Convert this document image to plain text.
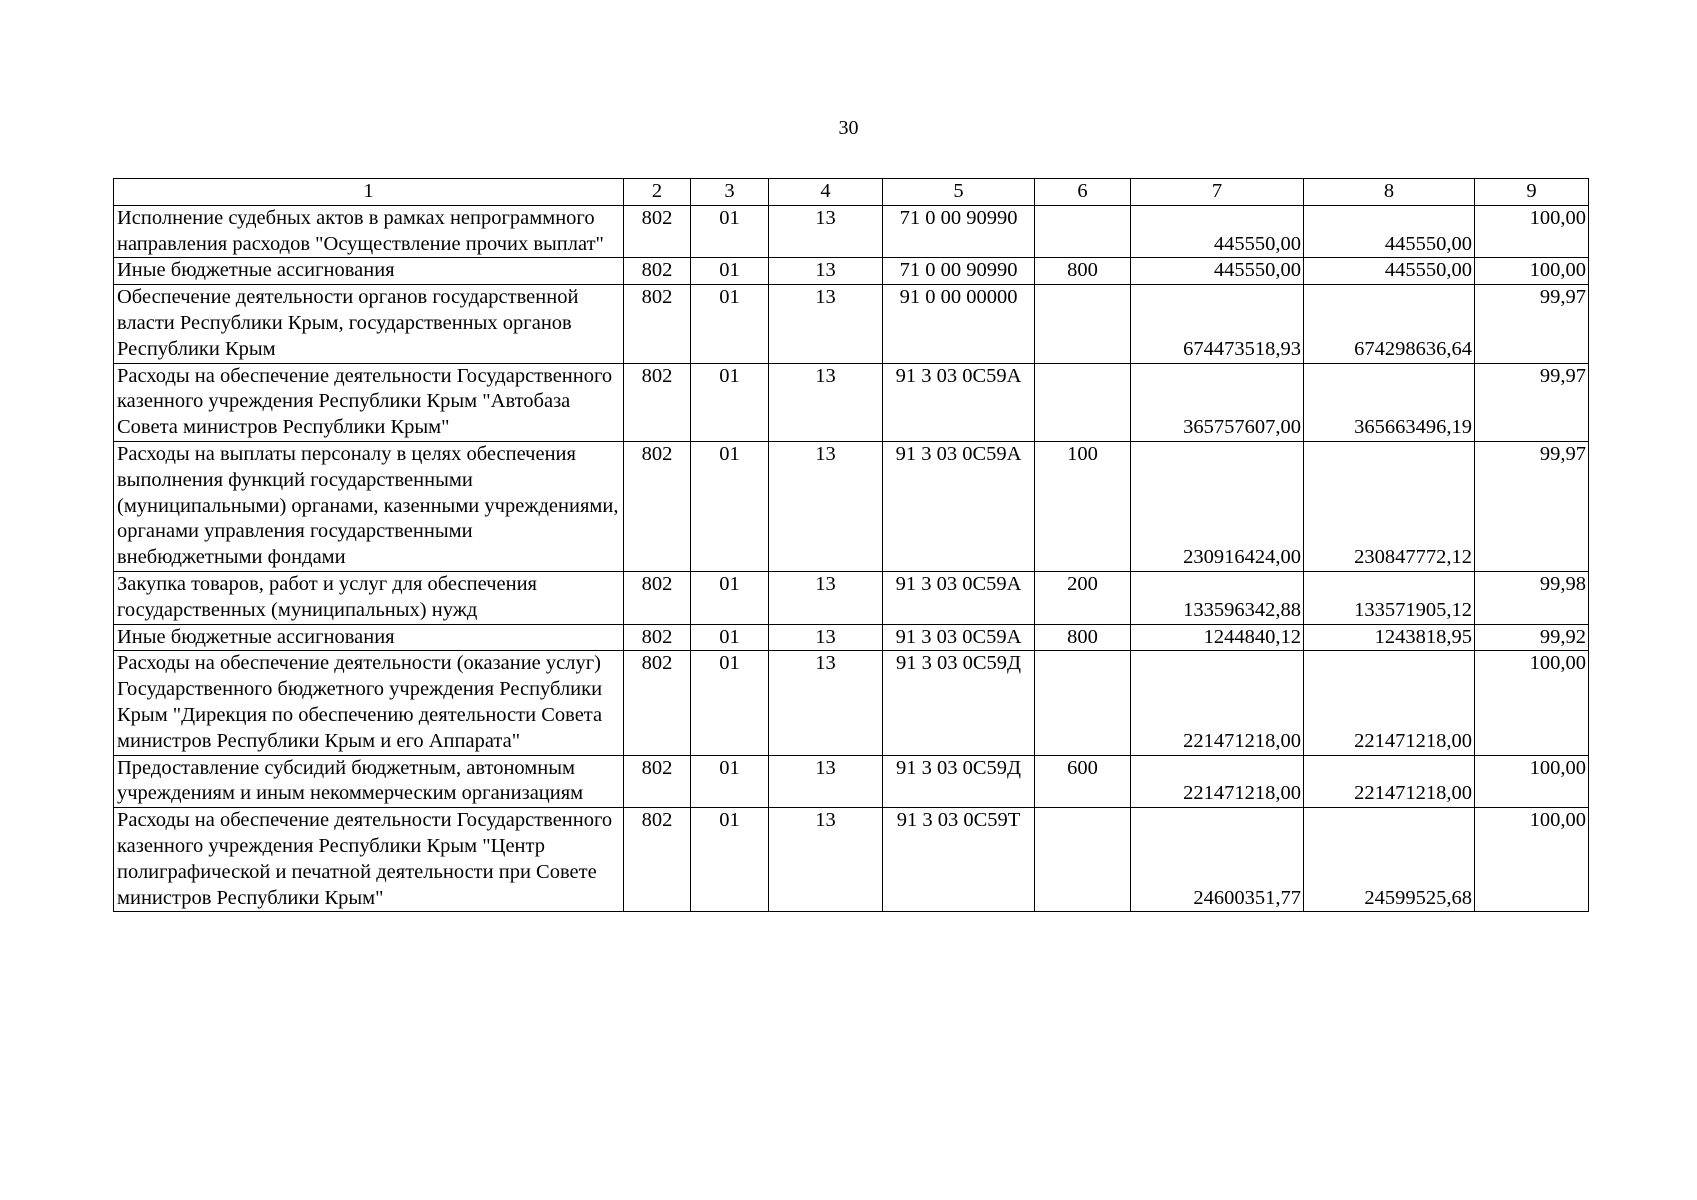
30
1	2	3	4	5	6	7	8	9
Исполнение судебных актов в рамках непрограммного направления расходов "Осуществление прочих выплат"	802	01	13	71 0 00 90990		445550,00	445550,00	100,00
Иные бюджетные ассигнования	802	01	13	71 0 00 90990	800	445550,00	445550,00	100,00
Обеспечение деятельности органов государственной власти Республики Крым, государственных органов Республики Крым	802	01	13	91 0 00 00000		674473518,93	674298636,64	99,97
Расходы на обеспечение деятельности Государственного казенного учреждения Республики Крым "Автобаза Совета министров Республики Крым"	802	01	13	91 3 03 0С59А		365757607,00	365663496,19	99,97
Расходы на выплаты персоналу в целях обеспечения выполнения функций государственными (муниципальными) органами, казенными учреждениями, органами управления государственными внебюджетными фондами	802	01	13	91 3 03 0С59А	100	230916424,00	230847772,12	99,97
Закупка товаров, работ и услуг для обеспечения государственных (муниципальных) нужд	802	01	13	91 3 03 0С59А	200	133596342,88	133571905,12	99,98
Иные бюджетные ассигнования	802	01	13	91 3 03 0С59А	800	1244840,12	1243818,95	99,92
Расходы на обеспечение деятельности (оказание услуг) Государственного бюджетного учреждения Республики Крым "Дирекция по обеспечению деятельности Совета министров Республики Крым и его Аппарата"	802	01	13	91 3 03 0С59Д		221471218,00	221471218,00	100,00
Предоставление субсидий бюджетным, автономным учреждениям и иным некоммерческим организациям	802	01	13	91 3 03 0С59Д	600	221471218,00	221471218,00	100,00
Расходы на обеспечение деятельности Государственного казенного учреждения Республики Крым "Центр полиграфической и печатной деятельности при Совете министров Республики Крым"	802	01	13	91 3 03 0С59Т		24600351,77	24599525,68	100,00
